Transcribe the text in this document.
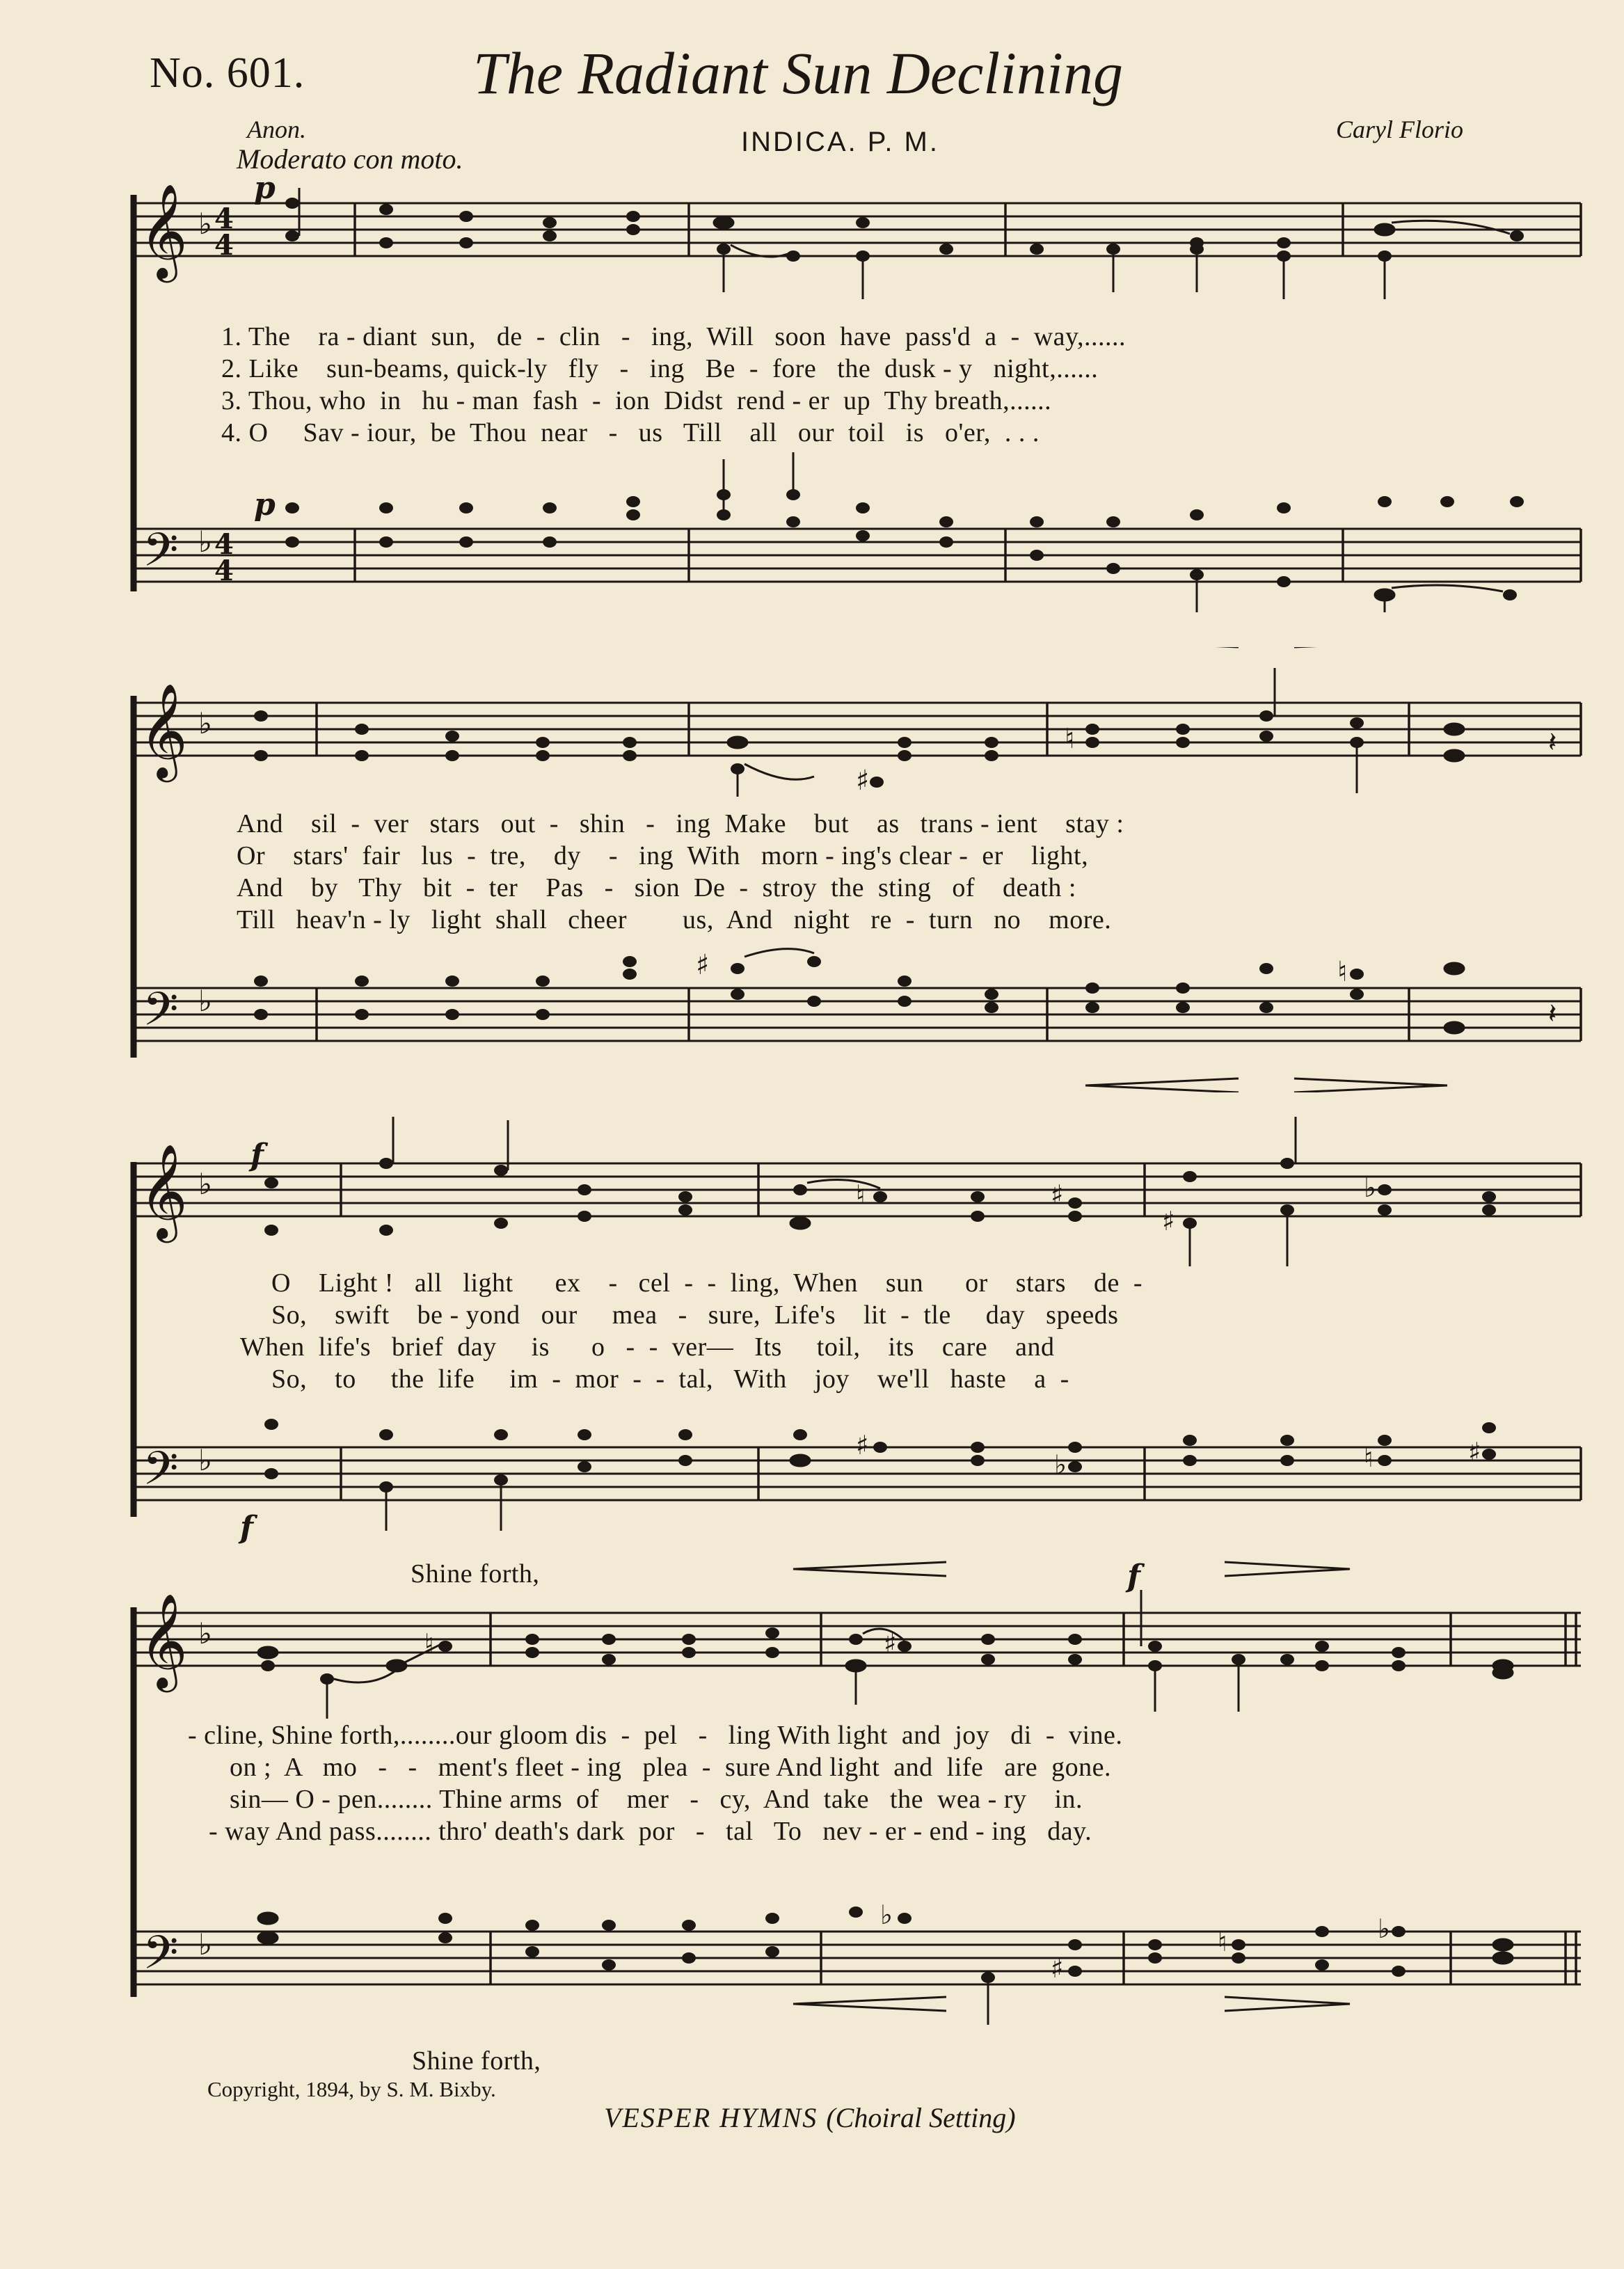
No. 601.	The Radiant Sun Declining
Anon.
Moderato con moto.
INDICA. P. M.	Caryl Florio
𝄞
𝄢
♭
♭
4
4
4
4
p
p
1. The    ra - diant  sun,   de  -  clin   -   ing,  Will   soon  have  pass'd  a  -  way,......
2. Like    sun-beams, quick-ly   fly   -   ing   Be  -  fore   the  dusk - y   night,......
3. Thou, who  in   hu - man  fash  -  ion  Didst  rend - er  up  Thy breath,......
4. O     Sav - iour,  be  Thou  near   -   us   Till    all   our  toil   is   o'er,  . . .
𝄞
𝄢
♭
♭
♯
♯
♮
♮
𝄽
𝄽
And    sil  -  ver   stars   out  -   shin   -   ing  Make    but    as   trans - ient    stay :
Or    stars'  fair   lus  -  tre,    dy    -   ing  With   morn - ing's clear -  er    light,
And    by   Thy   bit  -  ter    Pas   -   sion  De  -  stroy  the  sting   of    death :
Till   heav'n - ly   light  shall   cheer        us,  And   night   re  -  turn   no    more.
𝄞
𝄢
♭
♭
f
f
♮	♯
♯
♭
♯
♭	♮	♯
O    Light !   all   light      ex    -   cel  -  -  ling,  When    sun      or    stars    de  -
So,    swift    be - yond   our     mea   -   sure,  Life's    lit  -  tle     day   speeds
When  life's   brief  day     is      o   -  -  ver—   Its     toil,    its    care    and
So,    to     the  life     im  -  mor  -  -  tal,   With    joy    we'll   haste    a  -
Shine forth,
𝄞
𝄢
♭
♭
f
♮	♯
♯
♮	♭
♭
- cline, Shine forth,........our gloom dis  -  pel   -   ling With light  and  joy   di  -  vine.
on ;  A   mo   -   -   ment's fleet - ing   plea  -  sure And light  and  life   are  gone.
sin— O - pen........ Thine arms  of    mer   -   cy,  And  take   the  wea - ry    in.
- way And pass........ thro' death's dark  por   -   tal   To   nev - er - end - ing   day.
Shine forth,
Copyright, 1894, by S. M. Bixby.
VESPER HYMNS (Choiral Setting)
